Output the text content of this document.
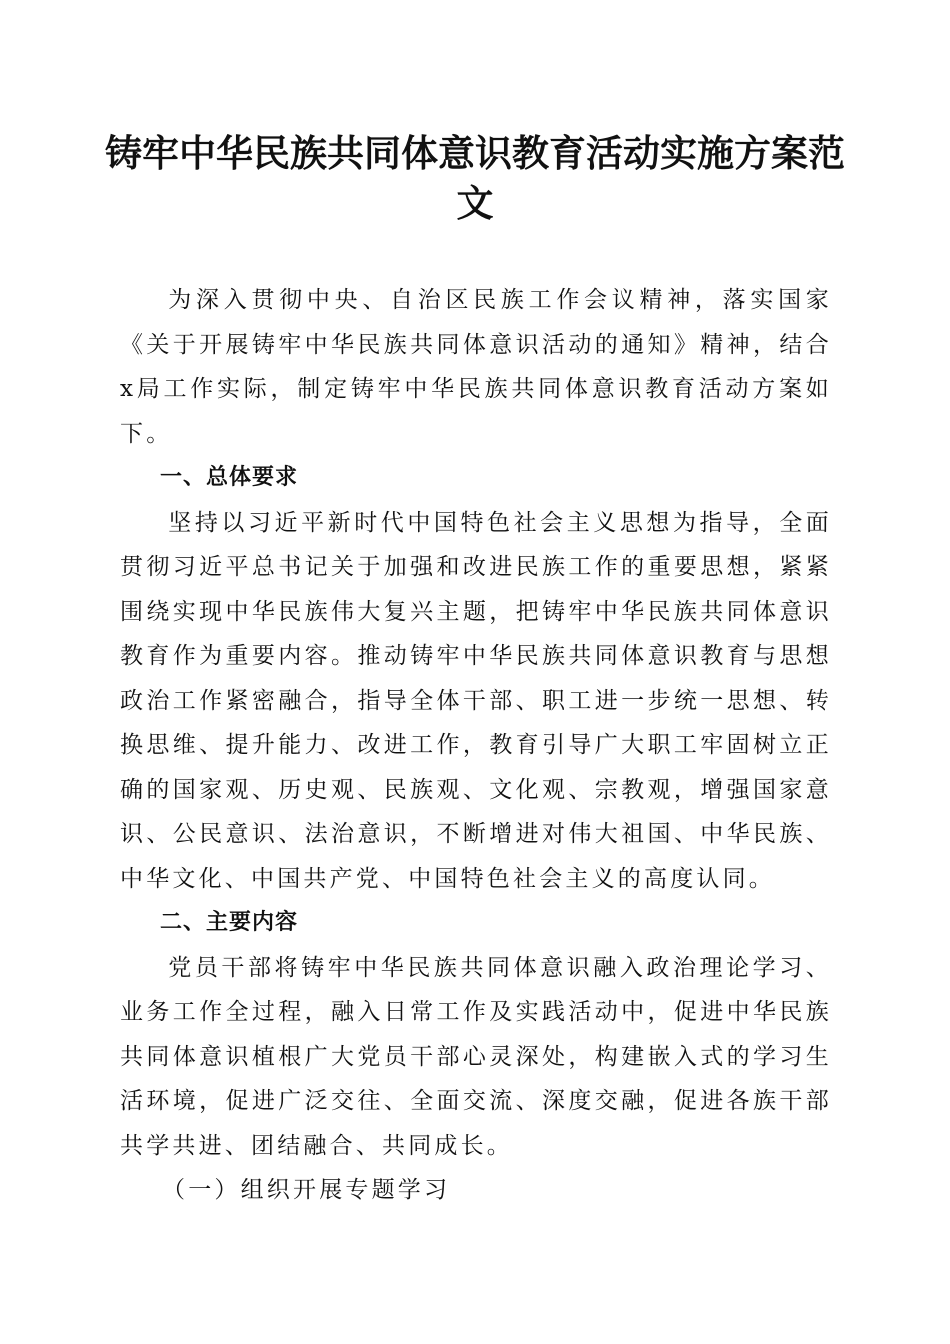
铸牢中华民族共同体意识教育活动实施方案范
文

为深入贯彻中央、自治区民族工作会议精神，落实国家《关于开展铸牢中华民族共同体意识活动的通知》精神，结合x局工作实际，制定铸牢中华民族共同体意识教育活动方案如下。

一、总体要求

坚持以习近平新时代中国特色社会主义思想为指导，全面贯彻习近平总书记关于加强和改进民族工作的重要思想，紧紧围绕实现中华民族伟大复兴主题，把铸牢中华民族共同体意识教育作为重要内容。推动铸牢中华民族共同体意识教育与思想政治工作紧密融合，指导全体干部、职工进一步统一思想、转换思维、提升能力、改进工作，教育引导广大职工牢固树立正确的国家观、历史观、民族观、文化观、宗教观，增强国家意识、公民意识、法治意识，不断增进对伟大祖国、中华民族、中华文化、中国共产党、中国特色社会主义的高度认同。

二、主要内容

党员干部将铸牢中华民族共同体意识融入政治理论学习、业务工作全过程，融入日常工作及实践活动中，促进中华民族共同体意识植根广大党员干部心灵深处，构建嵌入式的学习生活环境，促进广泛交往、全面交流、深度交融，促进各族干部共学共进、团结融合、共同成长。

（一）组织开展专题学习
